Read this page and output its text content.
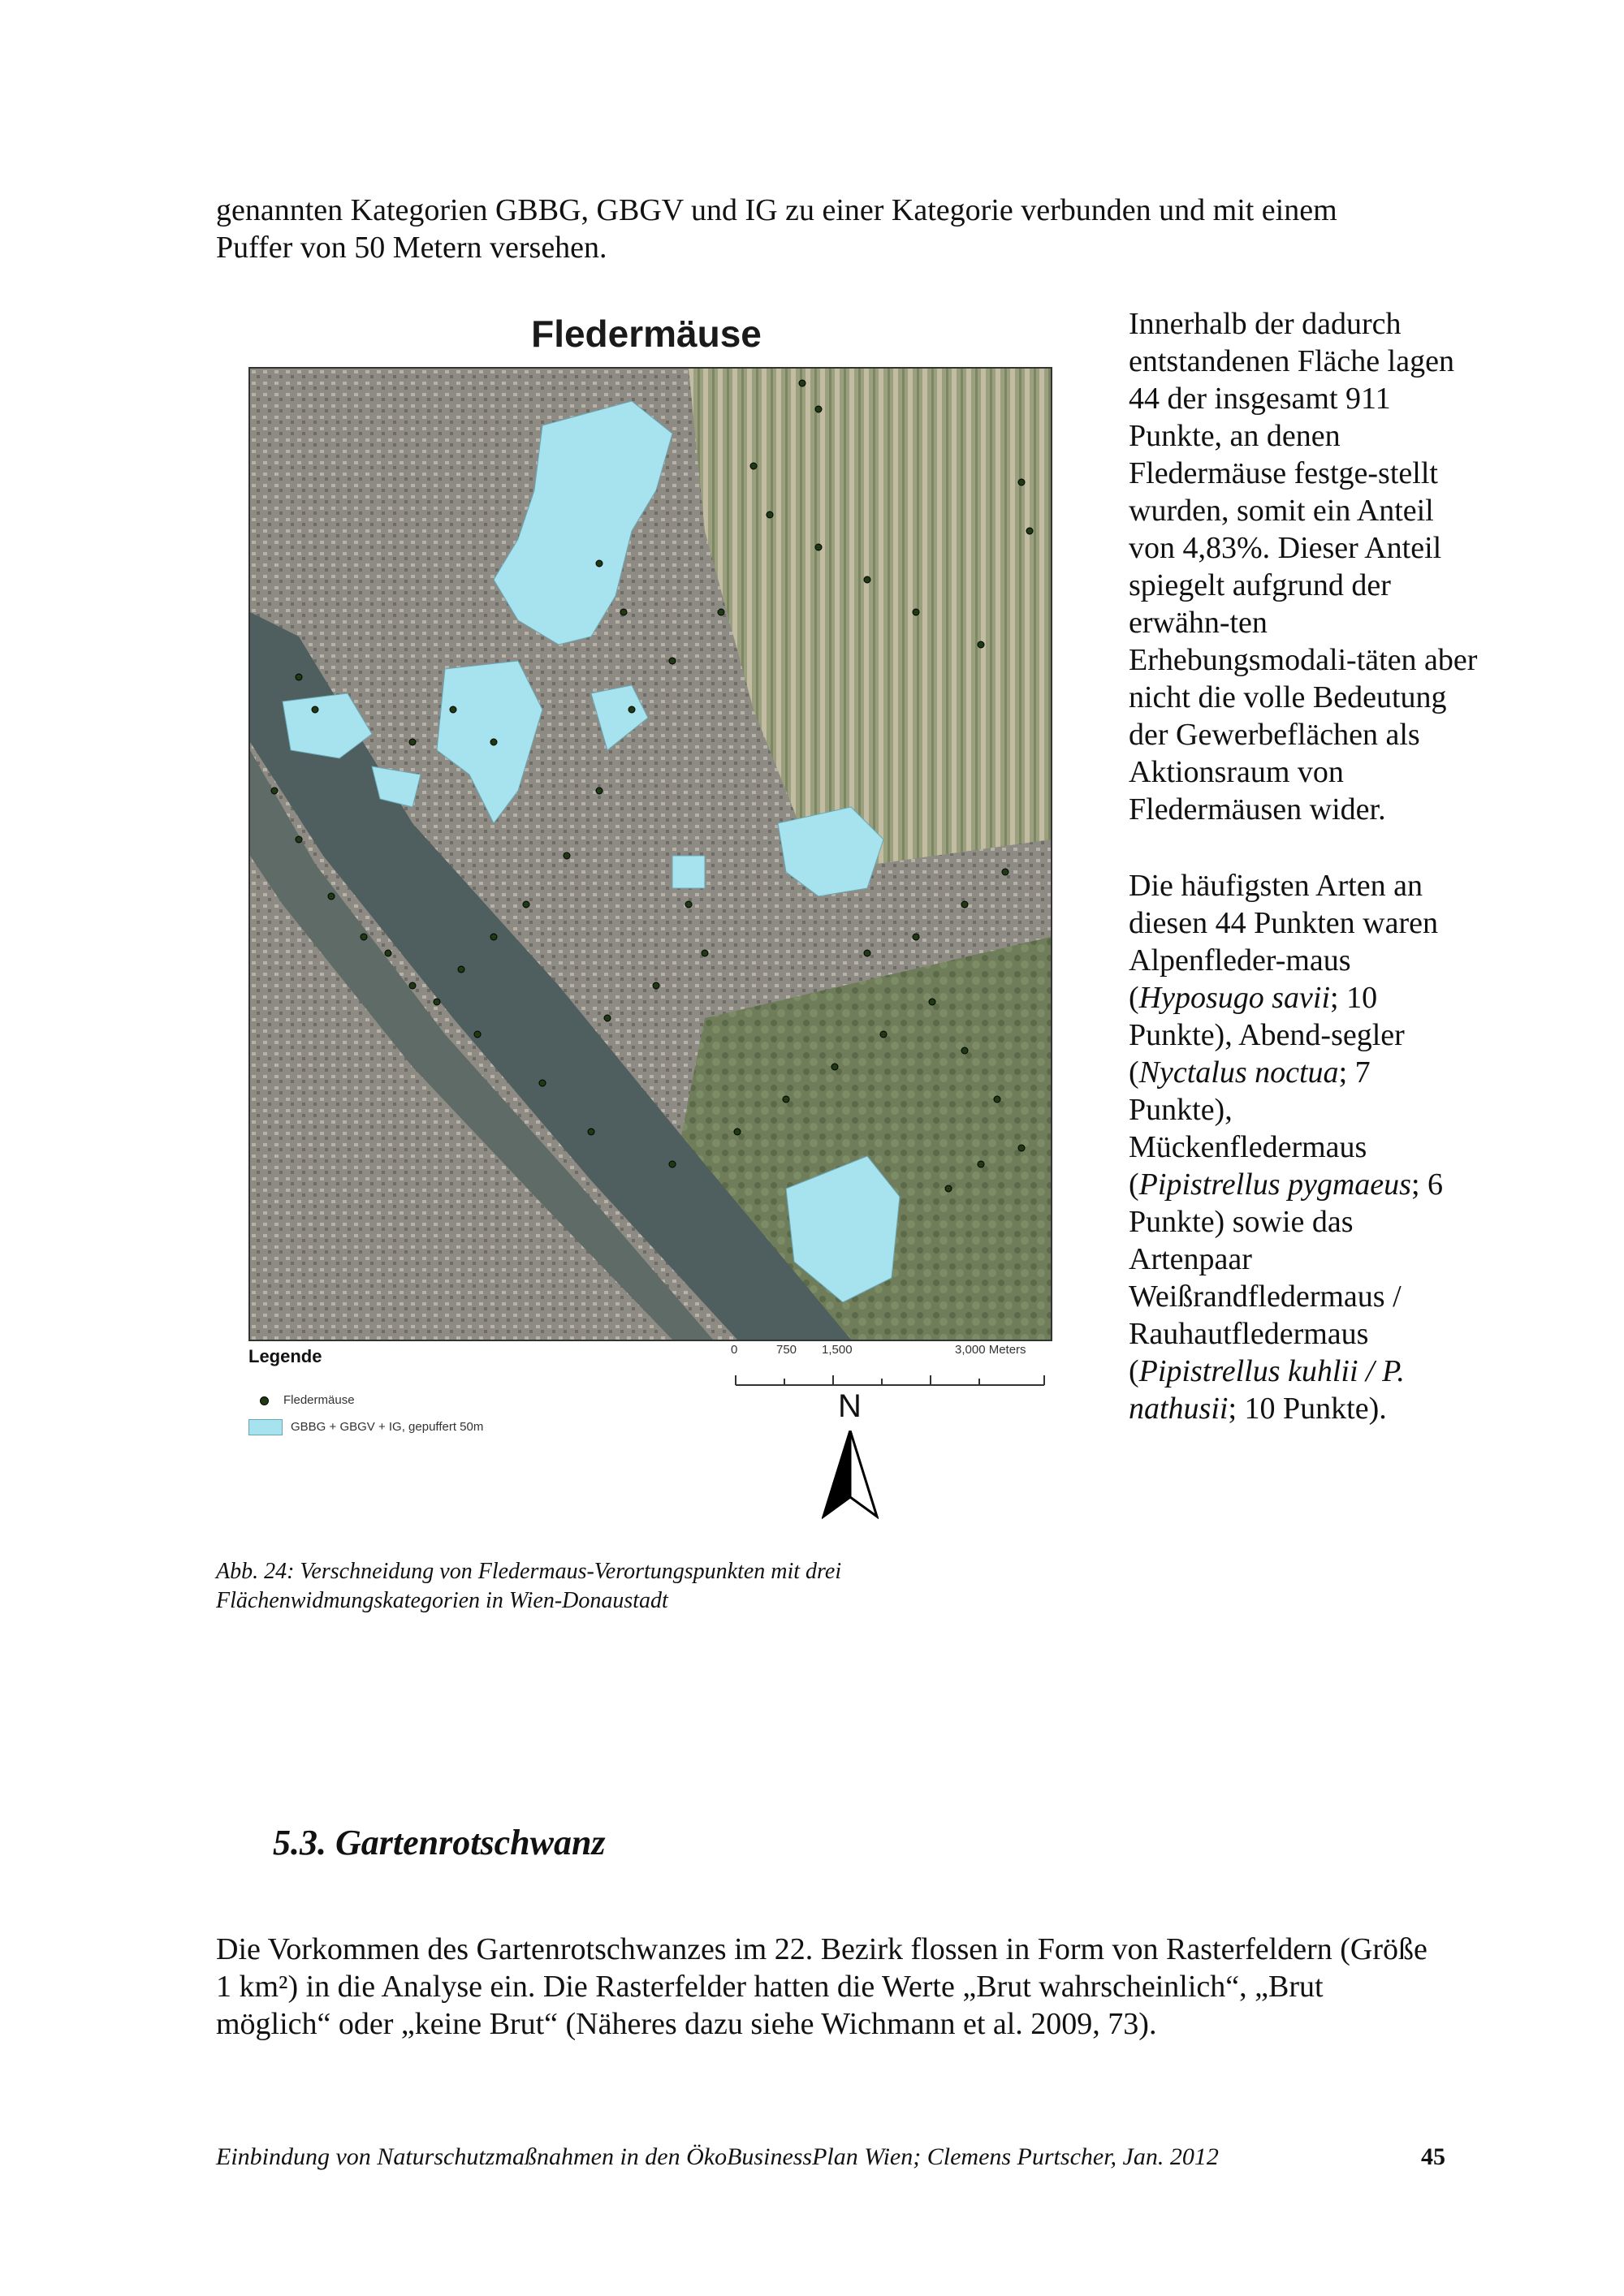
genannten Kategorien GBBG, GBGV und IG zu einer Kategorie verbunden und mit einem
Puffer von 50 Metern versehen.
Fledermäuse
Legende
Fledermäuse
GBBG + GBGV + IG, gepuffert 50m
0	750 1,500	3,000 Meters
N

Innerhalb der dadurch entstandenen Fläche lagen 44 der insgesamt 911 Punkte, an denen Fledermäuse festge-stellt wurden, somit ein Anteil von 4,83%. Dieser Anteil spiegelt aufgrund der erwähn-ten Erhebungsmodali-täten aber nicht die volle Bedeutung der Gewerbeflächen als Aktionsraum von Fledermäusen wider.

Die häufigsten Arten an diesen 44 Punkten waren Alpenfleder-maus (Hyposugo savii; 10 Punkte), Abend-segler (Nyctalus noctua; 7 Punkte), Mückenfledermaus (Pipistrellus pygmaeus; 6 Punkte) sowie das Artenpaar Weißrandfledermaus / Rauhautfledermaus (Pipistrellus kuhlii / P. nathusii; 10 Punkte).

Abb. 24: Verschneidung von Fledermaus-Verortungspunkten mit drei
Flächenwidmungskategorien in Wien-Donaustadt
5.3. Gartenrotschwanz
Die Vorkommen des Gartenrotschwanzes im 22. Bezirk flossen in Form von Rasterfeldern (Größe 1 km²) in die Analyse ein. Die Rasterfelder hatten die Werte „Brut wahrscheinlich“, „Brut möglich“ oder „keine Brut“ (Näheres dazu siehe Wichmann et al. 2009, 73).
Einbindung von Naturschutzmaßnahmen in den ÖkoBusinessPlan Wien; Clemens Purtscher, Jan. 2012	45
